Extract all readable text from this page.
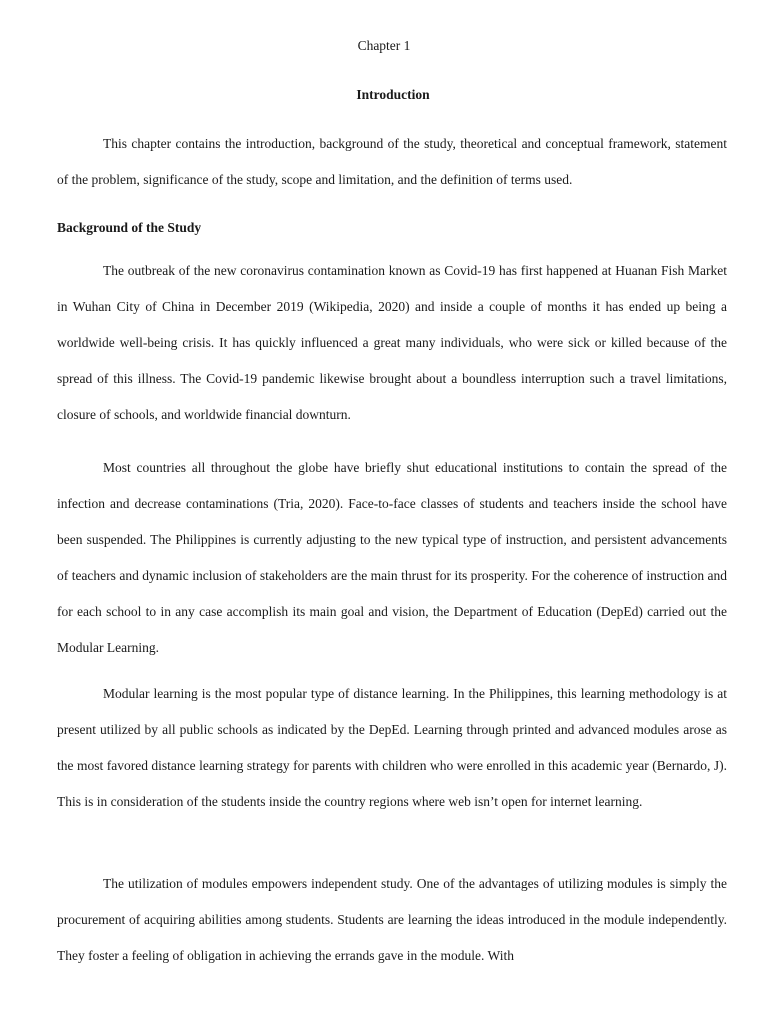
Chapter 1

Introduction

This chapter contains the introduction, background of the study, theoretical and conceptual framework, statement of the problem, significance of the study, scope and limitation, and the definition of terms used.

Background of the Study

The outbreak of the new coronavirus contamination known as Covid-19 has first happened at Huanan Fish Market in Wuhan City of China in December 2019 (Wikipedia, 2020) and inside a couple of months it has ended up being a worldwide well-being crisis. It has quickly influenced a great many individuals, who were sick or killed because of the spread of this illness. The Covid-19 pandemic likewise brought about a boundless interruption such a travel limitations, closure of schools, and worldwide financial downturn.

Most countries all throughout the globe have briefly shut educational institutions to contain the spread of the infection and decrease contaminations (Tria, 2020). Face-to-face classes of students and teachers inside the school have been suspended. The Philippines is currently adjusting to the new typical type of instruction, and persistent advancements of teachers and dynamic inclusion of stakeholders are the main thrust for its prosperity. For the coherence of instruction and for each school to in any case accomplish its main goal and vision, the Department of Education (DepEd) carried out the Modular Learning.

Modular learning is the most popular type of distance learning. In the Philippines, this learning methodology is at present utilized by all public schools as indicated by the DepEd. Learning through printed and advanced modules arose as the most favored distance learning strategy for parents with children who were enrolled in this academic year (Bernardo, J). This is in consideration of the students inside the country regions where web isn’t open for internet learning.

The utilization of modules empowers independent study. One of the advantages of utilizing modules is simply the procurement of acquiring abilities among students. Students are learning the ideas introduced in the module independently. They foster a feeling of obligation in achieving the errands gave in the module. With
